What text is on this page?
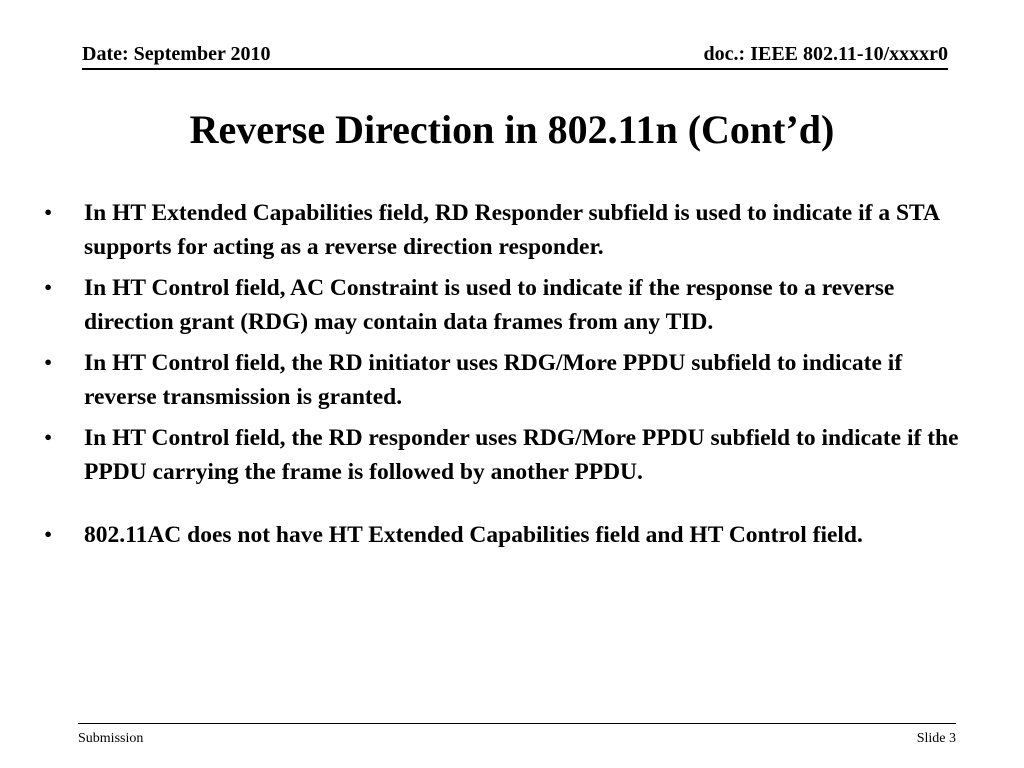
Date: September 2010	doc.: IEEE 802.11-10/xxxxr0
Reverse Direction in 802.11n (Cont’d)
• In HT Extended Capabilities field, RD Responder subfield is used to indicate if a STA supports for acting as a reverse direction responder.
• In HT Control field, AC Constraint is used to indicate if the response to a reverse direction grant (RDG) may contain data frames from any TID.
• In HT Control field, the RD initiator uses RDG/More PPDU subfield to indicate if reverse transmission is granted.
• In HT Control field, the RD responder uses RDG/More PPDU subfield to indicate if the PPDU carrying the frame is followed by another PPDU.
• 802.11AC does not have HT Extended Capabilities field and HT Control field.
Submission	Slide 3
